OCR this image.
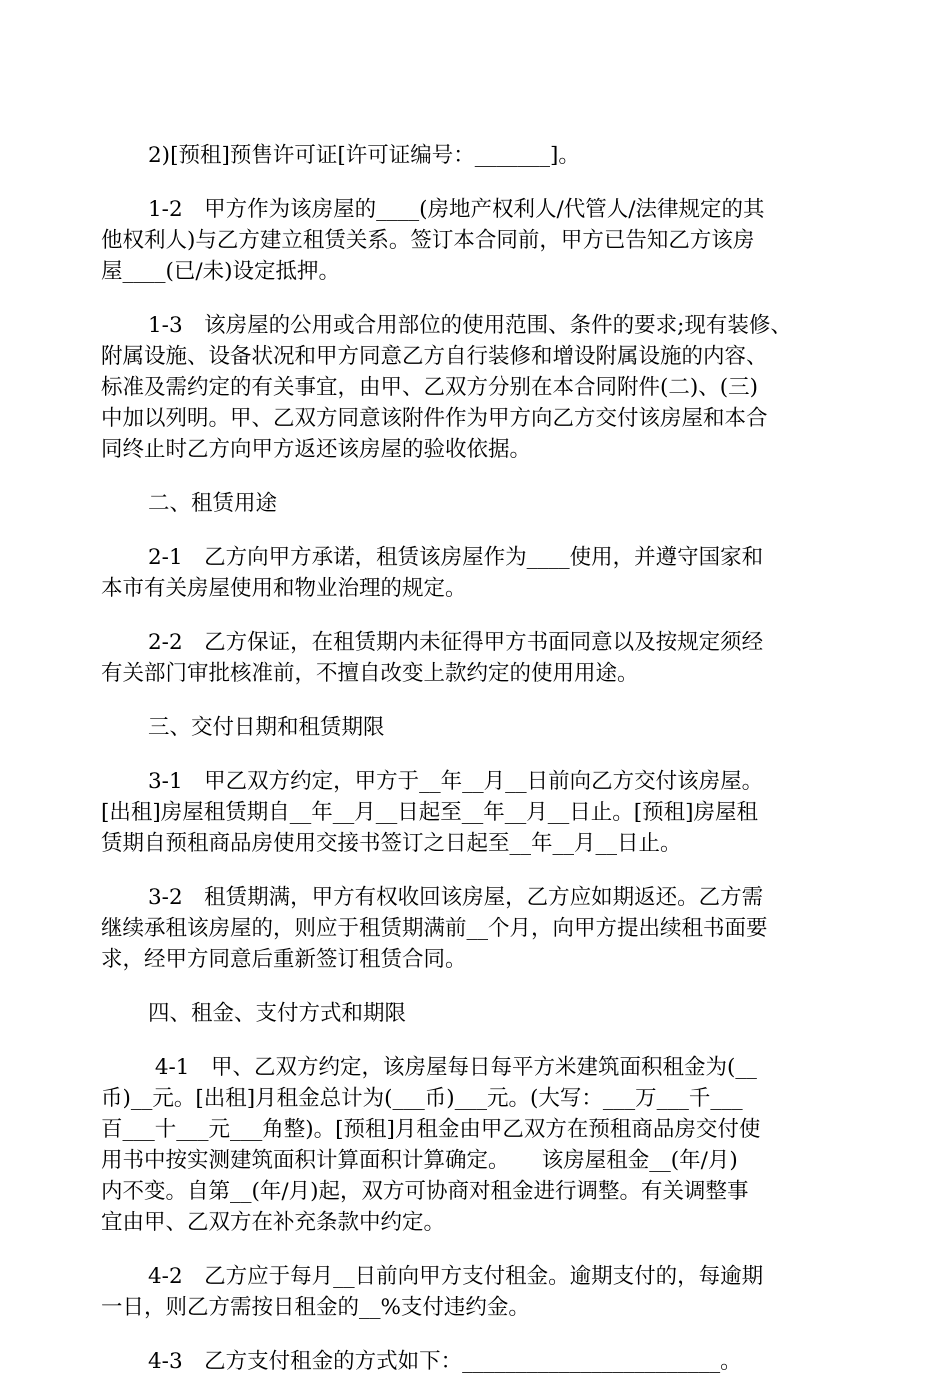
2)[预租]预售许可证[许可证编号：_______]。
1-2　甲方作为该房屋的____(房地产权利人/代管人/法律规定的其
他权利人)与乙方建立租赁关系。签订本合同前，甲方已告知乙方该房
屋____(已/未)设定抵押。
1-3　该房屋的公用或合用部位的使用范围、条件的要求;现有装修、
附属设施、设备状况和甲方同意乙方自行装修和增设附属设施的内容、
标准及需约定的有关事宜，由甲、乙双方分别在本合同附件(二)、(三)
中加以列明。甲、乙双方同意该附件作为甲方向乙方交付该房屋和本合
同终止时乙方向甲方返还该房屋的验收依据。
二、租赁用途
2-1　乙方向甲方承诺，租赁该房屋作为____使用，并遵守国家和
本市有关房屋使用和物业治理的规定。
2-2　乙方保证，在租赁期内未征得甲方书面同意以及按规定须经
有关部门审批核准前，不擅自改变上款约定的使用用途。
三、交付日期和租赁期限
3-1　甲乙双方约定，甲方于__年__月__日前向乙方交付该房屋。
[出租]房屋租赁期自__年__月__日起至__年__月__日止。[预租]房屋租
赁期自预租商品房使用交接书签订之日起至__年__月__日止。
3-2　租赁期满，甲方有权收回该房屋，乙方应如期返还。乙方需
继续承租该房屋的，则应于租赁期满前__个月，向甲方提出续租书面要
求，经甲方同意后重新签订租赁合同。
四、租金、支付方式和期限
4-1　甲、乙双方约定，该房屋每日每平方米建筑面积租金为(__
币)__元。[出租]月租金总计为(___币)___元。(大写：___万___千___
百___十___元___角整)。[预租]月租金由甲乙双方在预租商品房交付使
用书中按实测建筑面积计算面积计算确定。　　该房屋租金__(年/月)
内不变。自第__(年/月)起，双方可协商对租金进行调整。有关调整事
宜由甲、乙双方在补充条款中约定。
4-2　乙方应于每月__日前向甲方支付租金。逾期支付的，每逾期
一日，则乙方需按日租金的__%支付违约金。
4-3　乙方支付租金的方式如下：________________________。
